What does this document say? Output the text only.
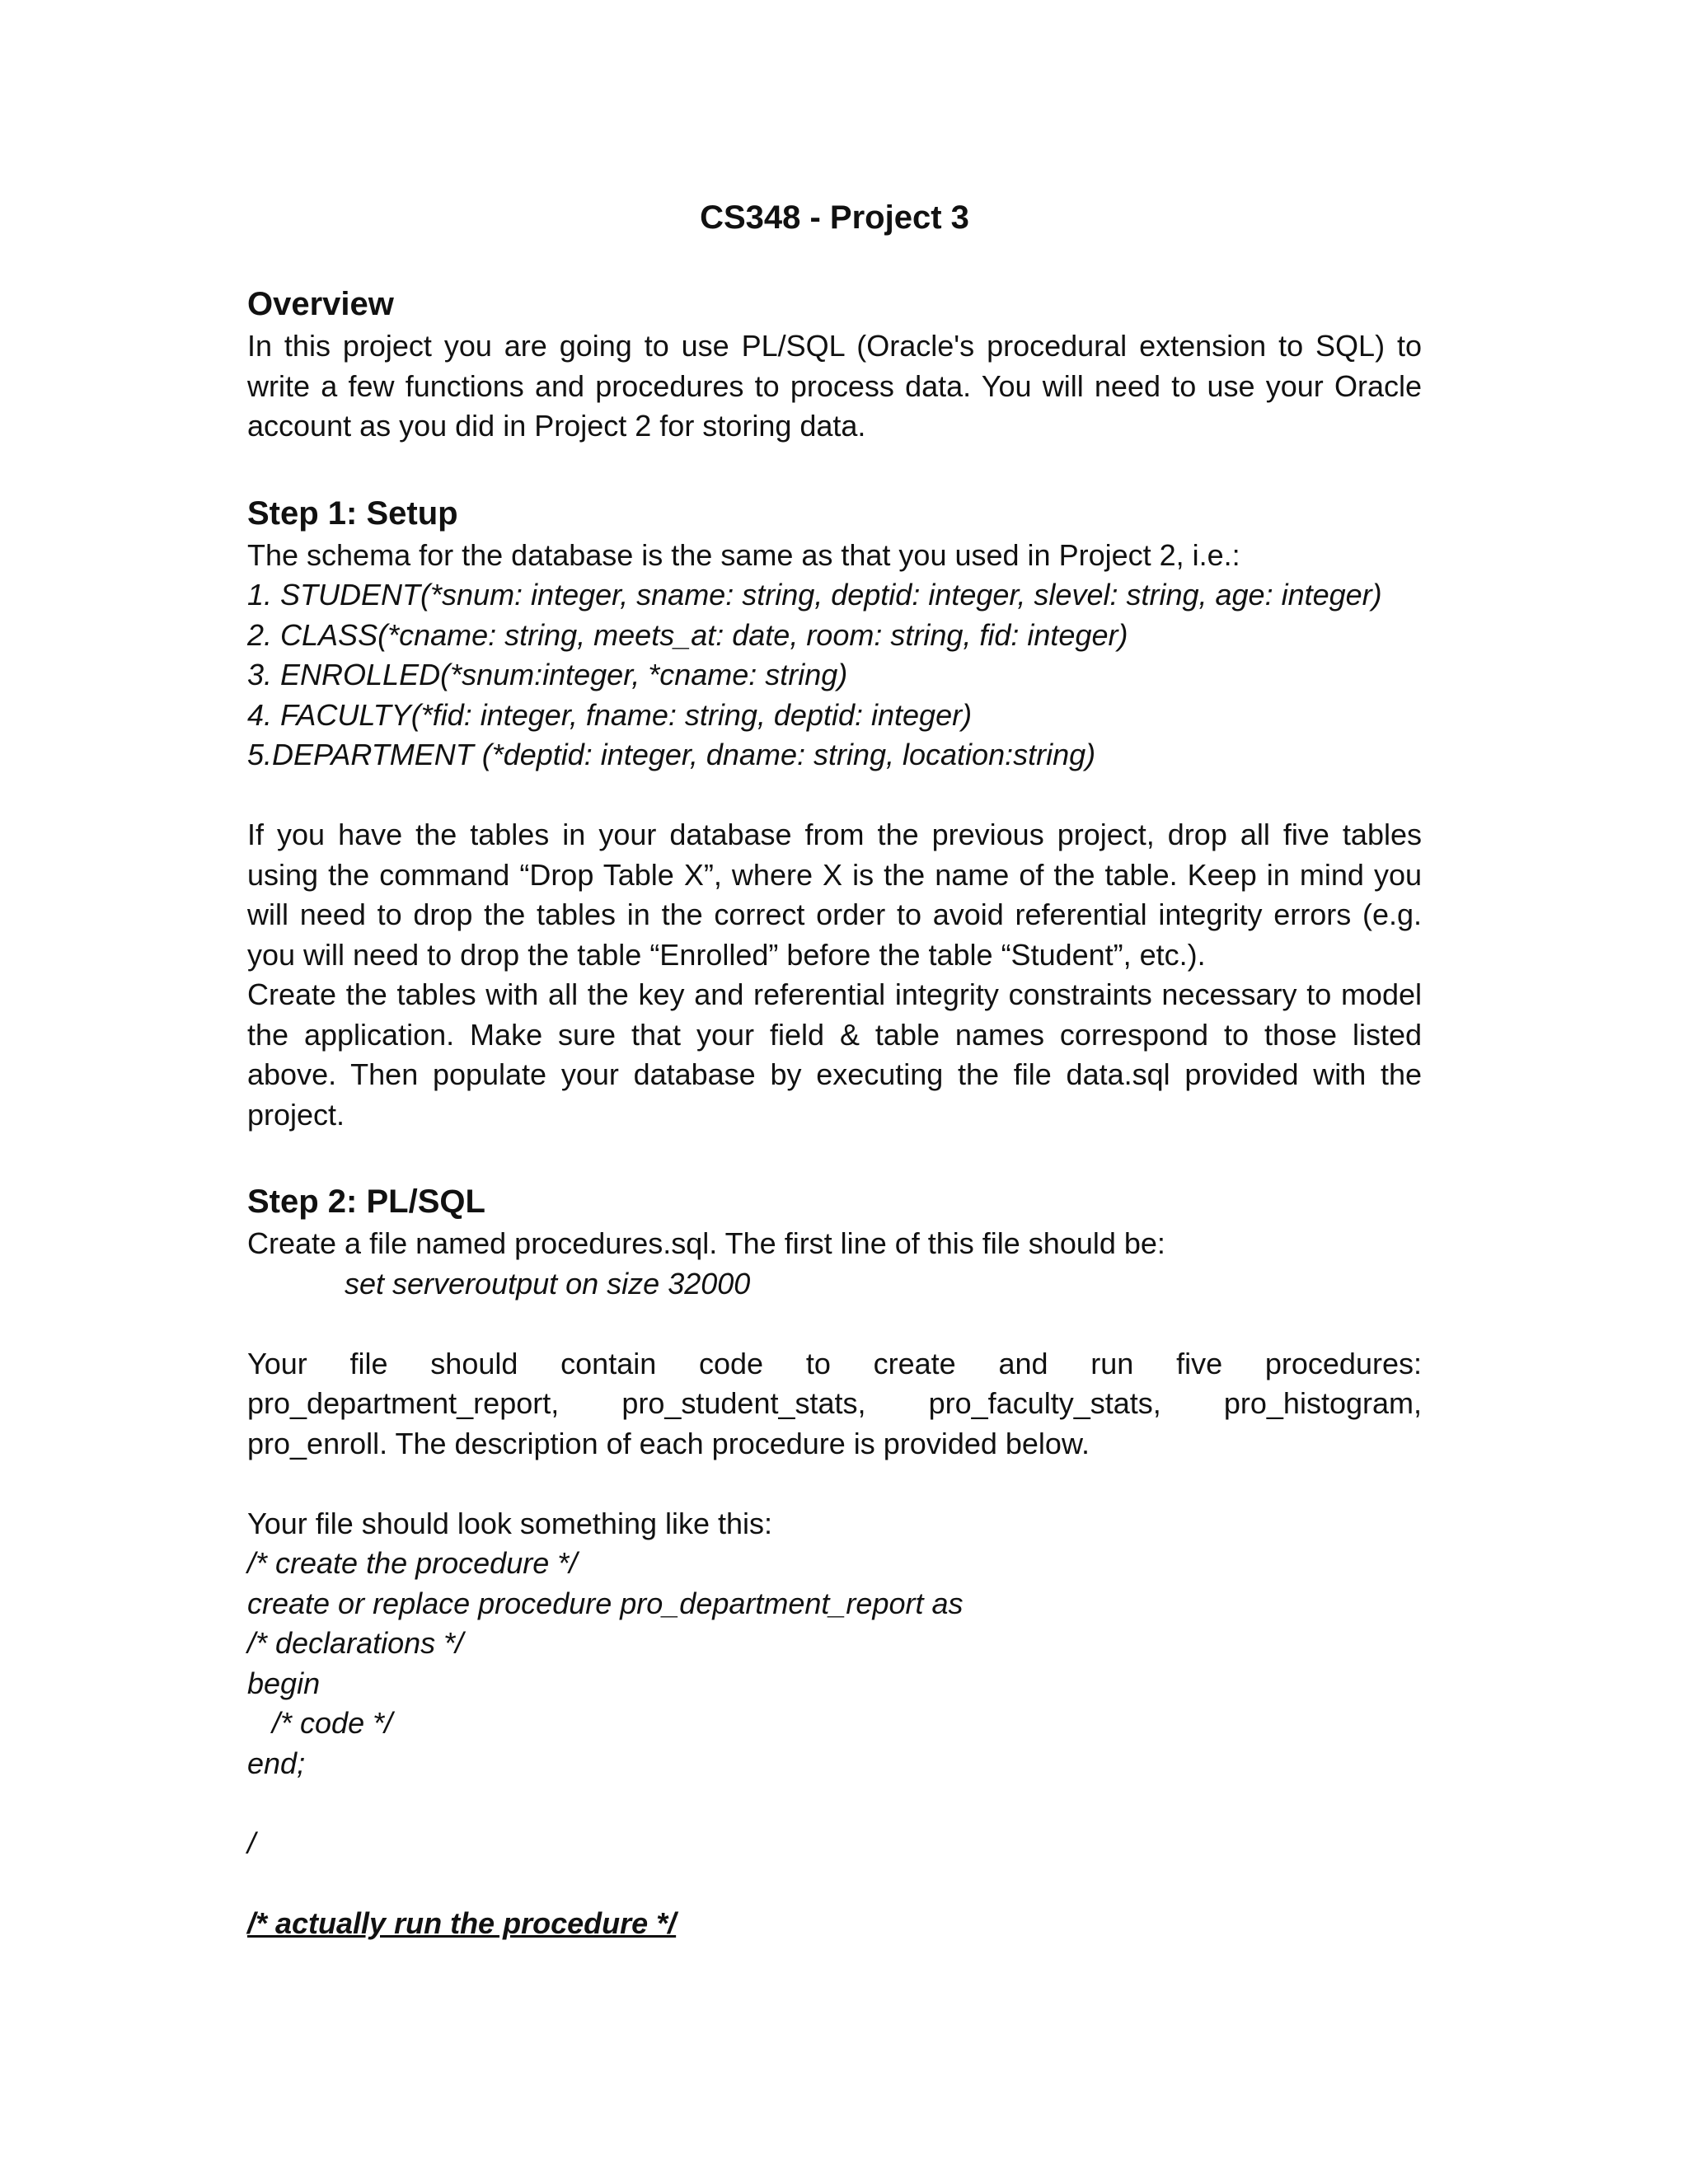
CS348 - Project 3
Overview

In this project you are going to use PL/SQL (Oracle's procedural extension to SQL) to write a few functions and procedures to process data. You will need to use your Oracle account as you did in Project 2 for storing data.

Step 1: Setup

The schema for the database is the same as that you used in Project 2, i.e.:

1. STUDENT(*snum: integer, sname: string, deptid: integer, slevel: string, age: integer)

2. CLASS(*cname: string, meets_at: date, room: string, fid: integer)

3. ENROLLED(*snum:integer, *cname: string)

4. FACULTY(*fid: integer, fname: string, deptid: integer)

5.DEPARTMENT (*deptid: integer, dname: string, location:string)

If you have the tables in your database from the previous project, drop all five tables using the command “Drop Table X”, where X is the name of the table. Keep in mind you will need to drop the tables in the correct order to avoid referential integrity errors (e.g. you will need to drop the table “Enrolled” before the table “Student”, etc.).

Create the tables with all the key and referential integrity constraints necessary to model the application. Make sure that your field & table names correspond to those listed above. Then populate your database by executing the file data.sql provided with the project.

Step 2: PL/SQL

Create a file named procedures.sql. The first line of this file should be:

set serveroutput on size 32000

Your file should contain code to create and run five procedures:

pro_department_report, pro_student_stats, pro_faculty_stats, pro_histogram,

pro_enroll. The description of each procedure is provided below.

Your file should look something like this:

/* create the procedure */

create or replace procedure pro_department_report as

/* declarations */

begin

/* code */

end;

/

/* actually run the procedure */
